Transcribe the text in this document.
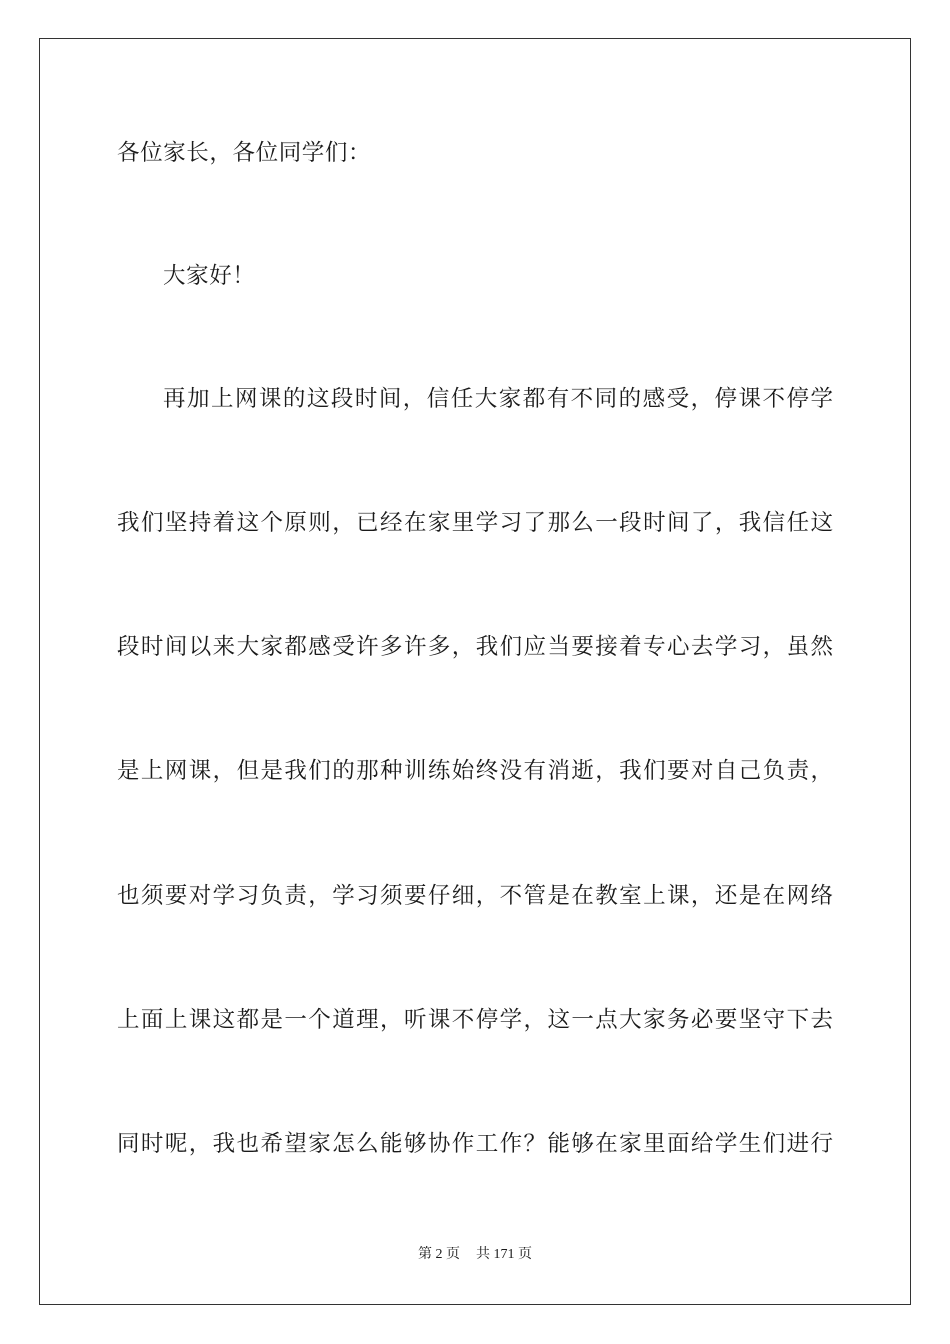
各位家长，各位同学们：
大家好！
再加上网课的这段时间，信任大家都有不同的感受，停课不停学
我们坚持着这个原则，已经在家里学习了那么一段时间了，我信任这
段时间以来大家都感受许多许多，我们应当要接着专心去学习，虽然
是上网课，但是我们的那种训练始终没有消逝，我们要对自己负责，
也须要对学习负责，学习须要仔细，不管是在教室上课，还是在网络
上面上课这都是一个道理，听课不停学，这一点大家务必要坚守下去
同时呢，我也希望家怎么能够协作工作？能够在家里面给学生们进行
第 2 页 共 171 页
